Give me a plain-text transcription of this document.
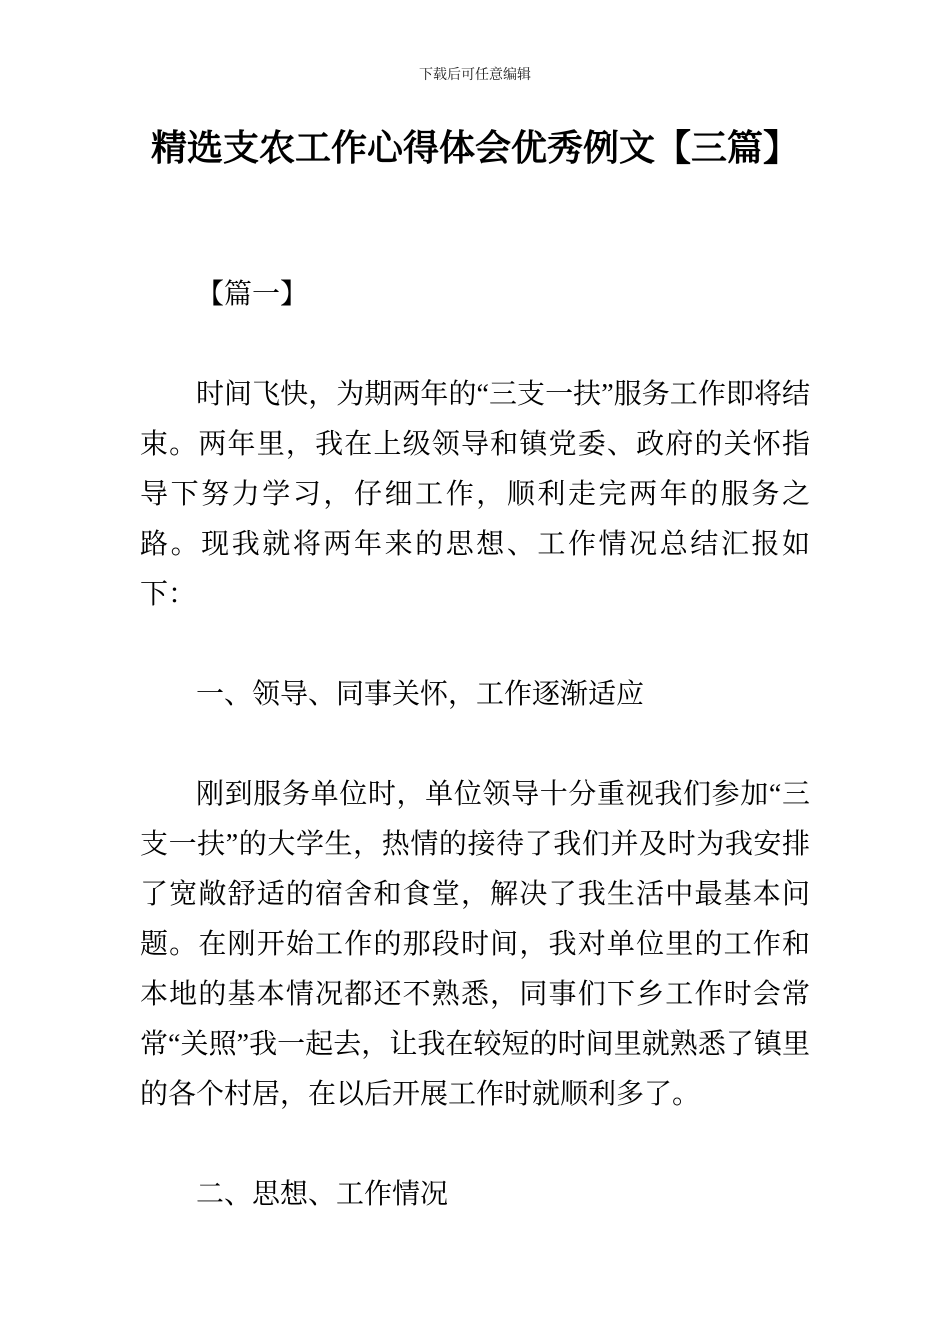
下载后可任意编辑
精选支农工作心得体会优秀例文【三篇】
【篇一】

时间飞快，为期两年的“三支一扶”服务工作即将结束。两年里，我在上级领导和镇党委、政府的关怀指导下努力学习，仔细工作，顺利走完两年的服务之路。现我就将两年来的思想、工作情况总结汇报如下：

一、领导、同事关怀，工作逐渐适应

刚到服务单位时，单位领导十分重视我们参加“三支一扶”的大学生，热情的接待了我们并及时为我安排了宽敞舒适的宿舍和食堂，解决了我生活中最基本问题。在刚开始工作的那段时间，我对单位里的工作和本地的基本情况都还不熟悉，同事们下乡工作时会常常“关照”我一起去，让我在较短的时间里就熟悉了镇里的各个村居，在以后开展工作时就顺利多了。

二、思想、工作情况
